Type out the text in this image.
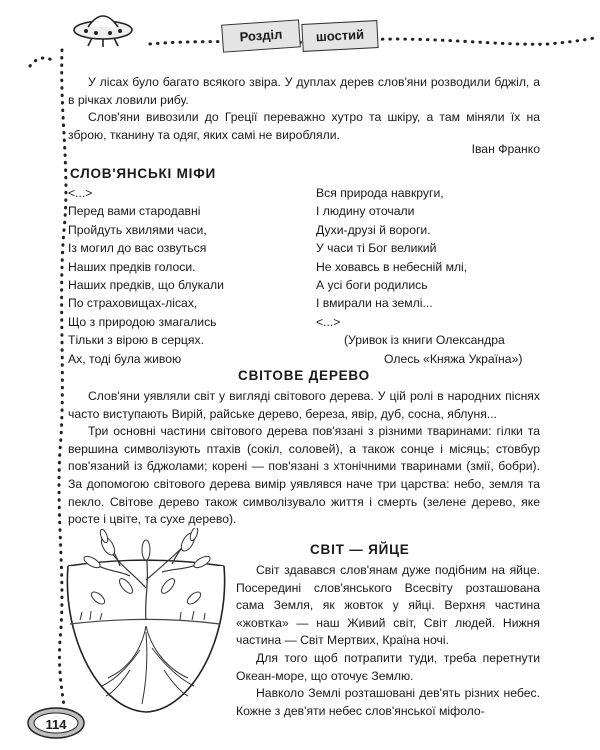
Розділ	шостий

У лісах було багато всякого звіра. У дуплах дерев слов'яни розводили бджіл, а в річках ловили рибу.

Слов'яни вивозили до Греції переважно хутро та шкіру, а там міняли їх на зброю, тканину та одяг, яких самі не виробляли.

Іван Франко
СЛОВ'ЯНСЬКІ МІФИ
<...>
Перед вами стародавні
Пройдуть хвилями часи,
Із могил до вас озвуться
Наших предків голоси.
Наших предків, що блукали
По страховищах-лісах,
Що з природою змагались
Тільки з вірою в серцях.
Ах, тоді була живою
Вся природа навкруги,
І людину оточали
Духи-друзі й вороги.
У часи ті Бог великий
Не ховавсь в небесній млі,
А усі боги родились
І вмирали на землі...
<...>
(Уривок із книги Олександра
Олесь «Княжа Україна»)
СВІТОВЕ ДЕРЕВО

Слов'яни уявляли світ у вигляді світового дерева. У цій ролі в народних піснях часто виступають Вирій, райське дерево, береза, явір, дуб, сосна, яблуня...

Три основні частини світового дерева пов'язані з різними тваринами: гілки та вершина символізують птахів (сокіл, соловей), а також сонце і місяць; стовбур пов'язаний із бджолами; корені — пов'язані з хтонічними тваринами (змії, бобри). За допомогою світового дерева вимір уявлявся наче три царства: небо, земля та пекло. Світове дерево також символізувало життя і смерть (зелене дерево, яке росте і цвіте, та сухе дерево).

СВІТ — ЯЙЦЕ

Світ здавався слов'янам дуже подібним на яйце. Посередині слов'янського Всесвіту розташована сама Земля, як жовток у яйці. Верхня частина «жовтка» — наш Живий світ, Світ людей. Нижня частина — Світ Мертвих, Країна ночі.

Для того щоб потрапити туди, треба перетнути Океан-море, що оточує Землю.

Навколо Землі розташовані дев'ять різних небес. Кожне з дев'яти небес слов'янської міфоло-

114
